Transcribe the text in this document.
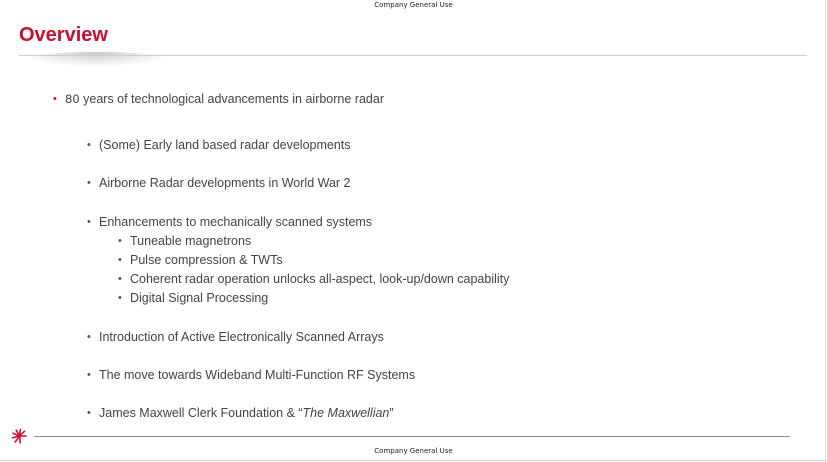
Company General Use
Overview
• 80 years of technological advancements in airborne radar
• (Some) Early land based radar developments
• Airborne Radar developments in World War 2
• Enhancements to mechanically scanned systems
• Tuneable magnetrons
• Pulse compression & TWTs
• Coherent radar operation unlocks all-aspect, look-up/down capability
• Digital Signal Processing
• Introduction of Active Electronically Scanned Arrays
• The move towards Wideband Multi-Function RF Systems
• James Maxwell Clerk Foundation & “The Maxwellian”
Company General Use
